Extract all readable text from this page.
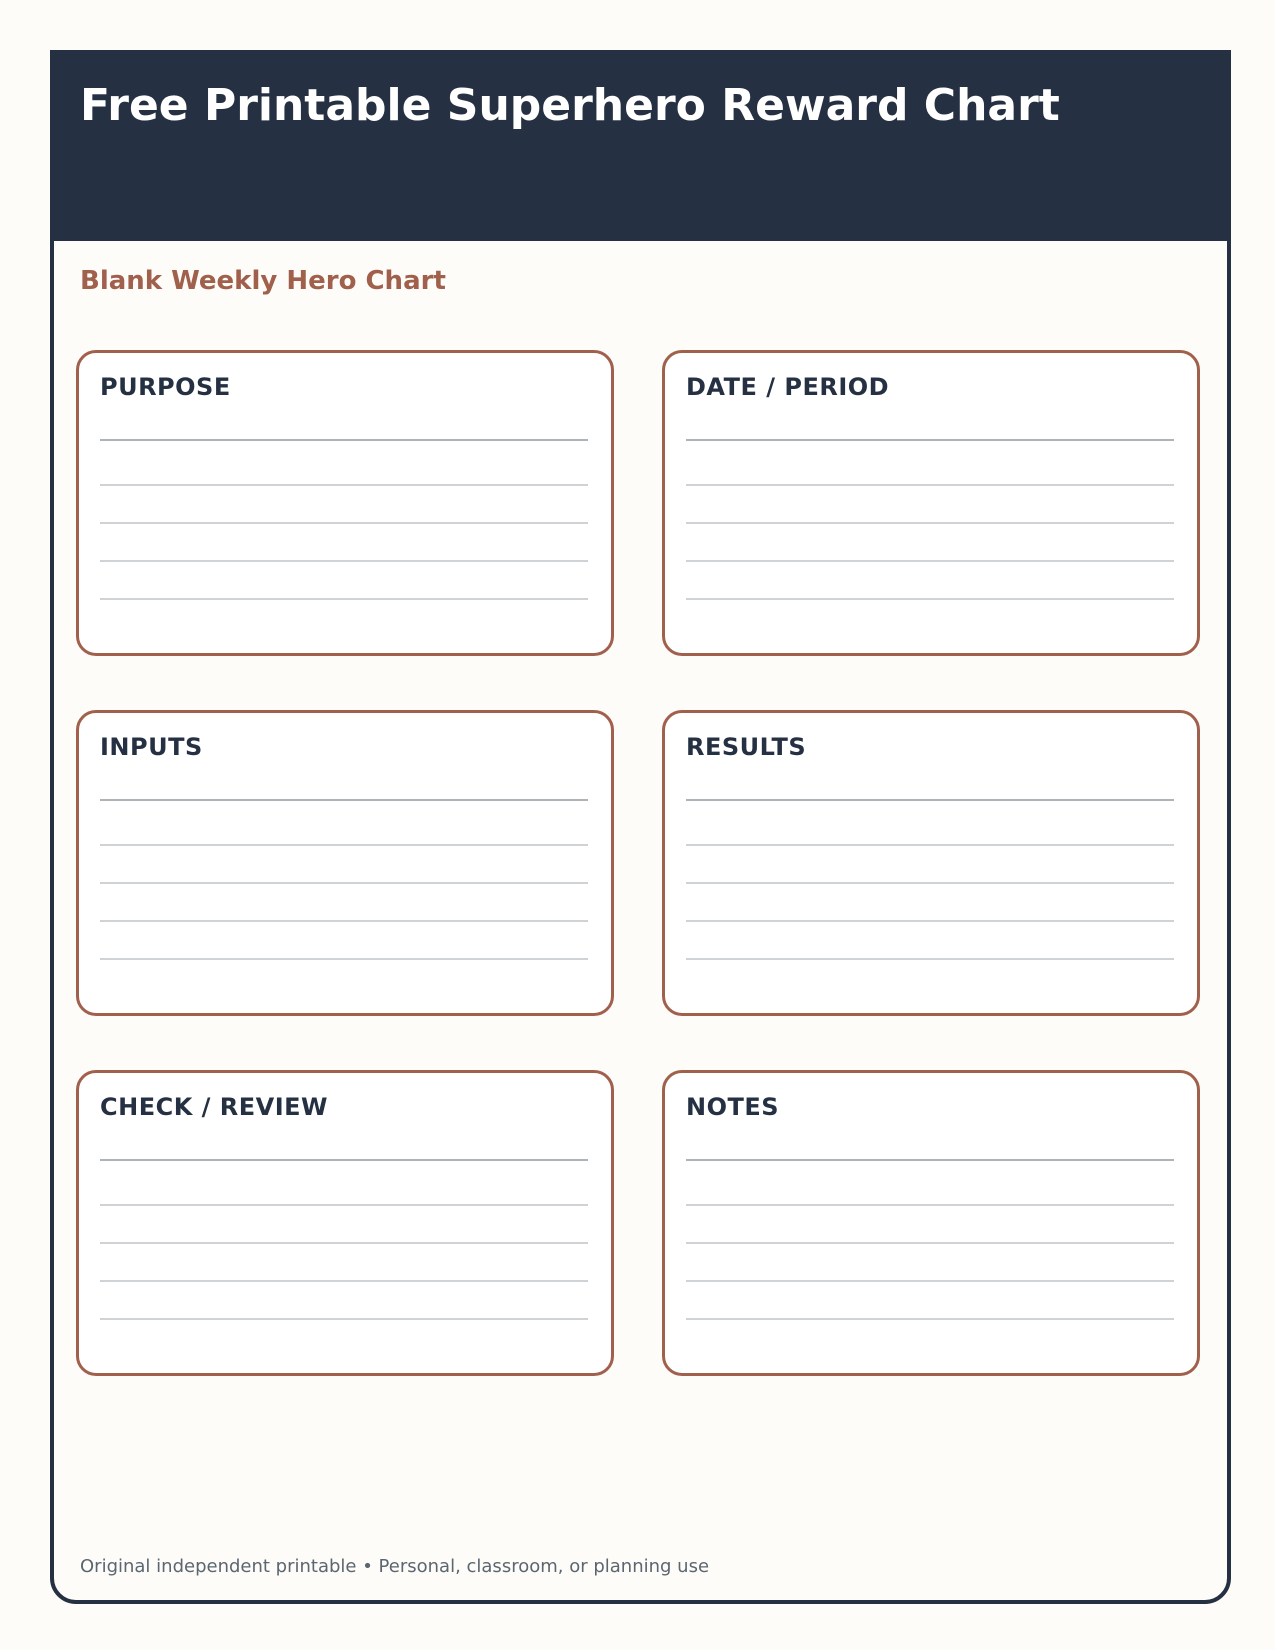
Free Printable Superhero Reward Chart
Blank Weekly Hero Chart
PURPOSE	DATE / PERIOD
INPUTS	RESULTS
CHECK / REVIEW	NOTES

Original independent printable • Personal, classroom, or planning use
